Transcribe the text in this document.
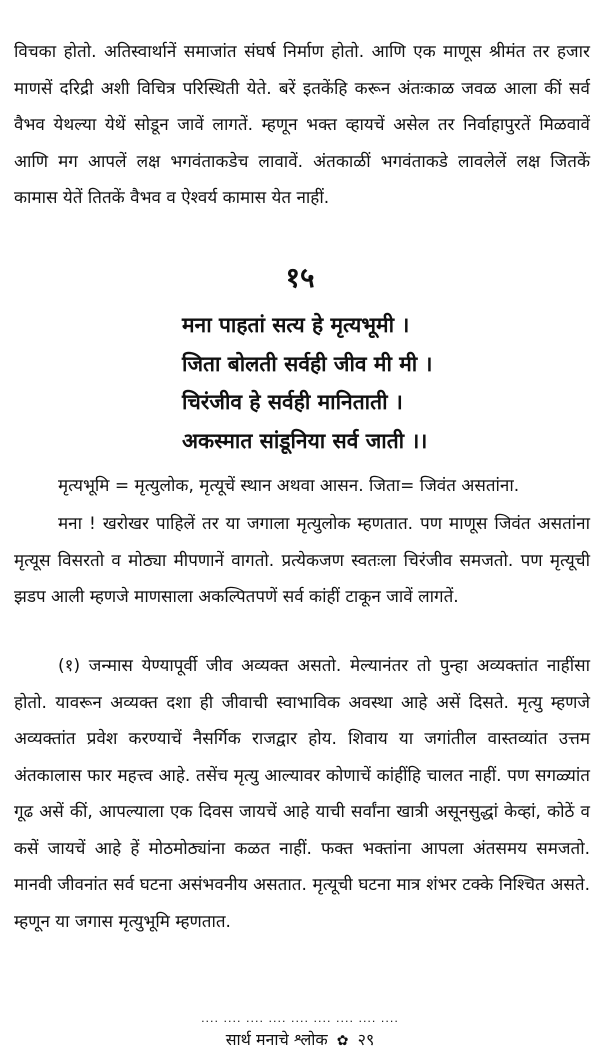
विचका होतो. अतिस्वार्थानें समाजांत संघर्ष निर्माण होतो. आणि एक माणूस श्रीमंत तर हजार माणसें दरिद्री अशी विचित्र परिस्थिती येते. बरें इतकेंहि करून अंतःकाळ जवळ आला कीं सर्व वैभव येथल्या येथें सोडून जावें लागतें. म्हणून भक्त व्हायचें असेल तर निर्वाहापुरतें मिळवावें आणि मग आपलें लक्ष भगवंताकडेच लावावें. अंतकाळीं भगवंताकडे लावलेलें लक्ष जितकें कामास येतें तितकें वैभव व ऐश्वर्य कामास येत नाहीं.

१५
मना पाहतां सत्य हे मृत्यभूमी ।
जिता बोलती सर्वही जीव मी मी ।
चिरंजीव हे सर्वही मानिताती ।
अकस्मात सांडूनिया सर्व जाती ।।

मृत्यभूमि = मृत्युलोक, मृत्यूचें स्थान अथवा आसन. जिता= जिवंत असतांना.

मना ! खरोखर पाहिलें तर या जगाला मृत्युलोक म्हणतात. पण माणूस जिवंत असतांना मृत्यूस विसरतो व मोठ्या मीपणानें वागतो. प्रत्येकजण स्वतःला चिरंजीव समजतो. पण मृत्यूची झडप आली म्हणजे माणसाला अकल्पितपणें सर्व कांहीं टाकून जावें लागतें.

(१) जन्मास येण्यापूर्वी जीव अव्यक्त असतो. मेल्यानंतर तो पुन्हा अव्यक्तांत नाहींसा होतो. यावरून अव्यक्त दशा ही जीवाची स्वाभाविक अवस्था आहे असें दिसते. मृत्यु म्हणजे अव्यक्तांत प्रवेश करण्याचें नैसर्गिक राजद्वार होय. शिवाय या जगांतील वास्तव्यांत उत्तम अंतकालास फार महत्त्व आहे. तसेंच मृत्यु आल्यावर कोणाचें कांहींहि चालत नाहीं. पण सगळ्यांत गूढ असें कीं, आपल्याला एक दिवस जायचें आहे याची सर्वांना खात्री असूनसुद्धां केव्हां, कोठें व कसें जायचें आहे हें मोठमोठ्यांना कळत नाहीं. फक्त भक्तांना आपला अंतसमय समजतो. मानवी जीवनांत सर्व घटना असंभवनीय असतात. मृत्यूची घटना मात्र शंभर टक्के निश्चित असते. म्हणून या जगास मृत्युभूमि म्हणतात.

.... .... .... .... .... .... .... .... ....
सार्थ मनाचे श्लोक ✿ २९
